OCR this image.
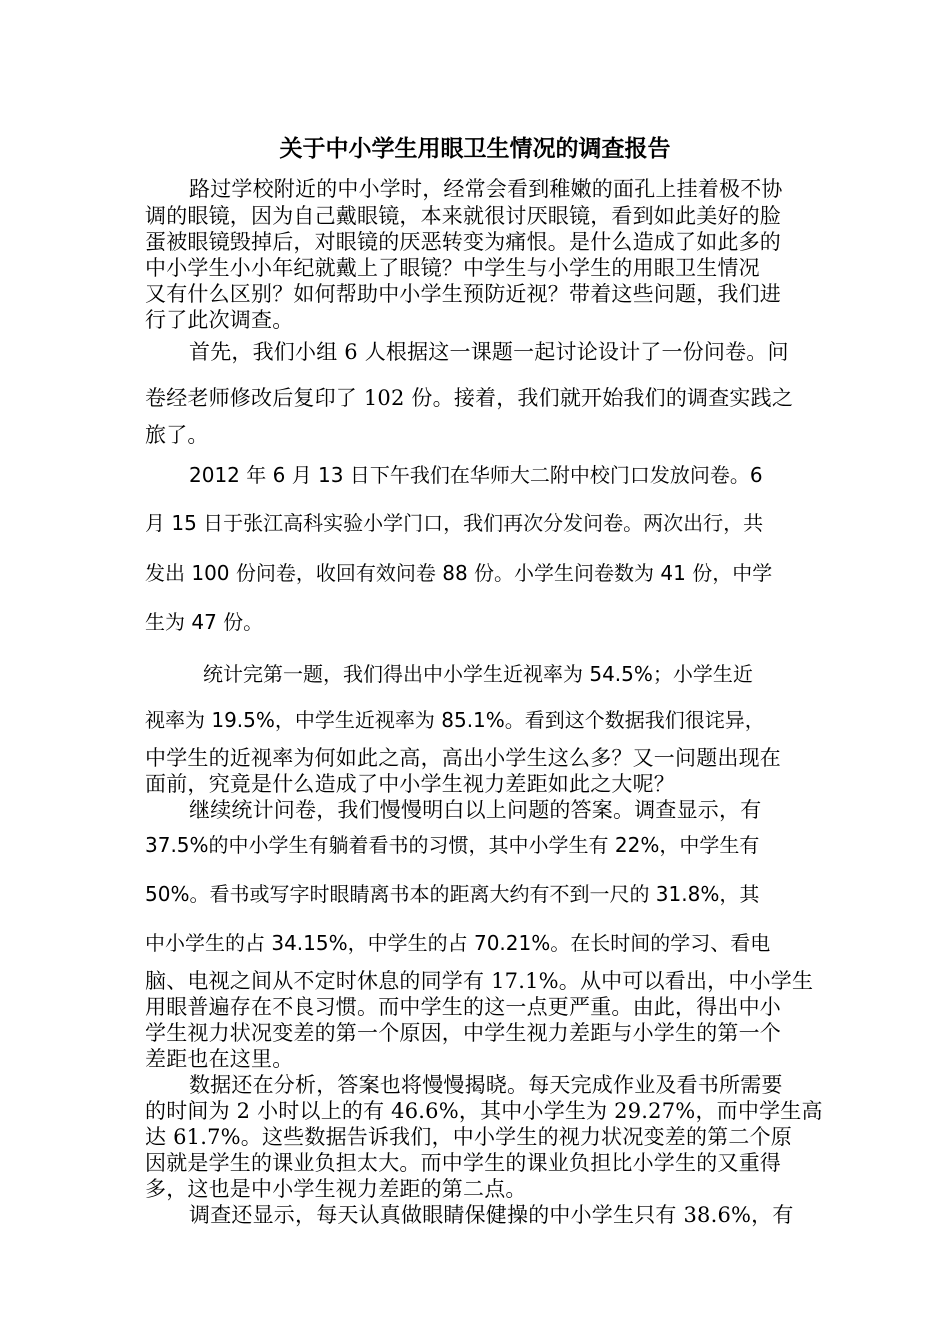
关于中小学生用眼卫生情况的调查报告
路过学校附近的中小学时，经常会看到稚嫩的面孔上挂着极不协
调的眼镜，因为自己戴眼镜，本来就很讨厌眼镜，看到如此美好的脸
蛋被眼镜毁掉后，对眼镜的厌恶转变为痛恨。是什么造成了如此多的
中小学生小小年纪就戴上了眼镜？中学生与小学生的用眼卫生情况
又有什么区别？如何帮助中小学生预防近视？带着这些问题，我们进
行了此次调查。
首先，我们小组 6 人根据这一课题一起讨论设计了一份问卷。问
卷经老师修改后复印了 102 份。接着，我们就开始我们的调查实践之
旅了。
2012 年 6 月 13 日下午我们在华师大二附中校门口发放问卷。6
月 15 日于张江高科实验小学门口，我们再次分发问卷。两次出行，共
发出 100 份问卷，收回有效问卷 88 份。小学生问卷数为 41 份，中学
生为 47 份。
统计完第一题，我们得出中小学生近视率为 54.5%；小学生近
视率为 19.5%，中学生近视率为 85.1%。看到这个数据我们很诧异，
中学生的近视率为何如此之高，高出小学生这么多？又一问题出现在
面前，究竟是什么造成了中小学生视力差距如此之大呢？
继续统计问卷，我们慢慢明白以上问题的答案。调查显示，有
37.5%的中小学生有躺着看书的习惯，其中小学生有 22%，中学生有
50%。看书或写字时眼睛离书本的距离大约有不到一尺的 31.8%，其
中小学生的占 34.15%，中学生的占 70.21%。在长时间的学习、看电
脑、电视之间从不定时休息的同学有 17.1%。从中可以看出，中小学生
用眼普遍存在不良习惯。而中学生的这一点更严重。由此，得出中小
学生视力状况变差的第一个原因，中学生视力差距与小学生的第一个
差距也在这里。
数据还在分析，答案也将慢慢揭晓。每天完成作业及看书所需要
的时间为 2 小时以上的有 46.6%，其中小学生为 29.27%，而中学生高
达 61.7%。这些数据告诉我们，中小学生的视力状况变差的第二个原
因就是学生的课业负担太大。而中学生的课业负担比小学生的又重得
多，这也是中小学生视力差距的第二点。
调查还显示，每天认真做眼睛保健操的中小学生只有 38.6%，有
